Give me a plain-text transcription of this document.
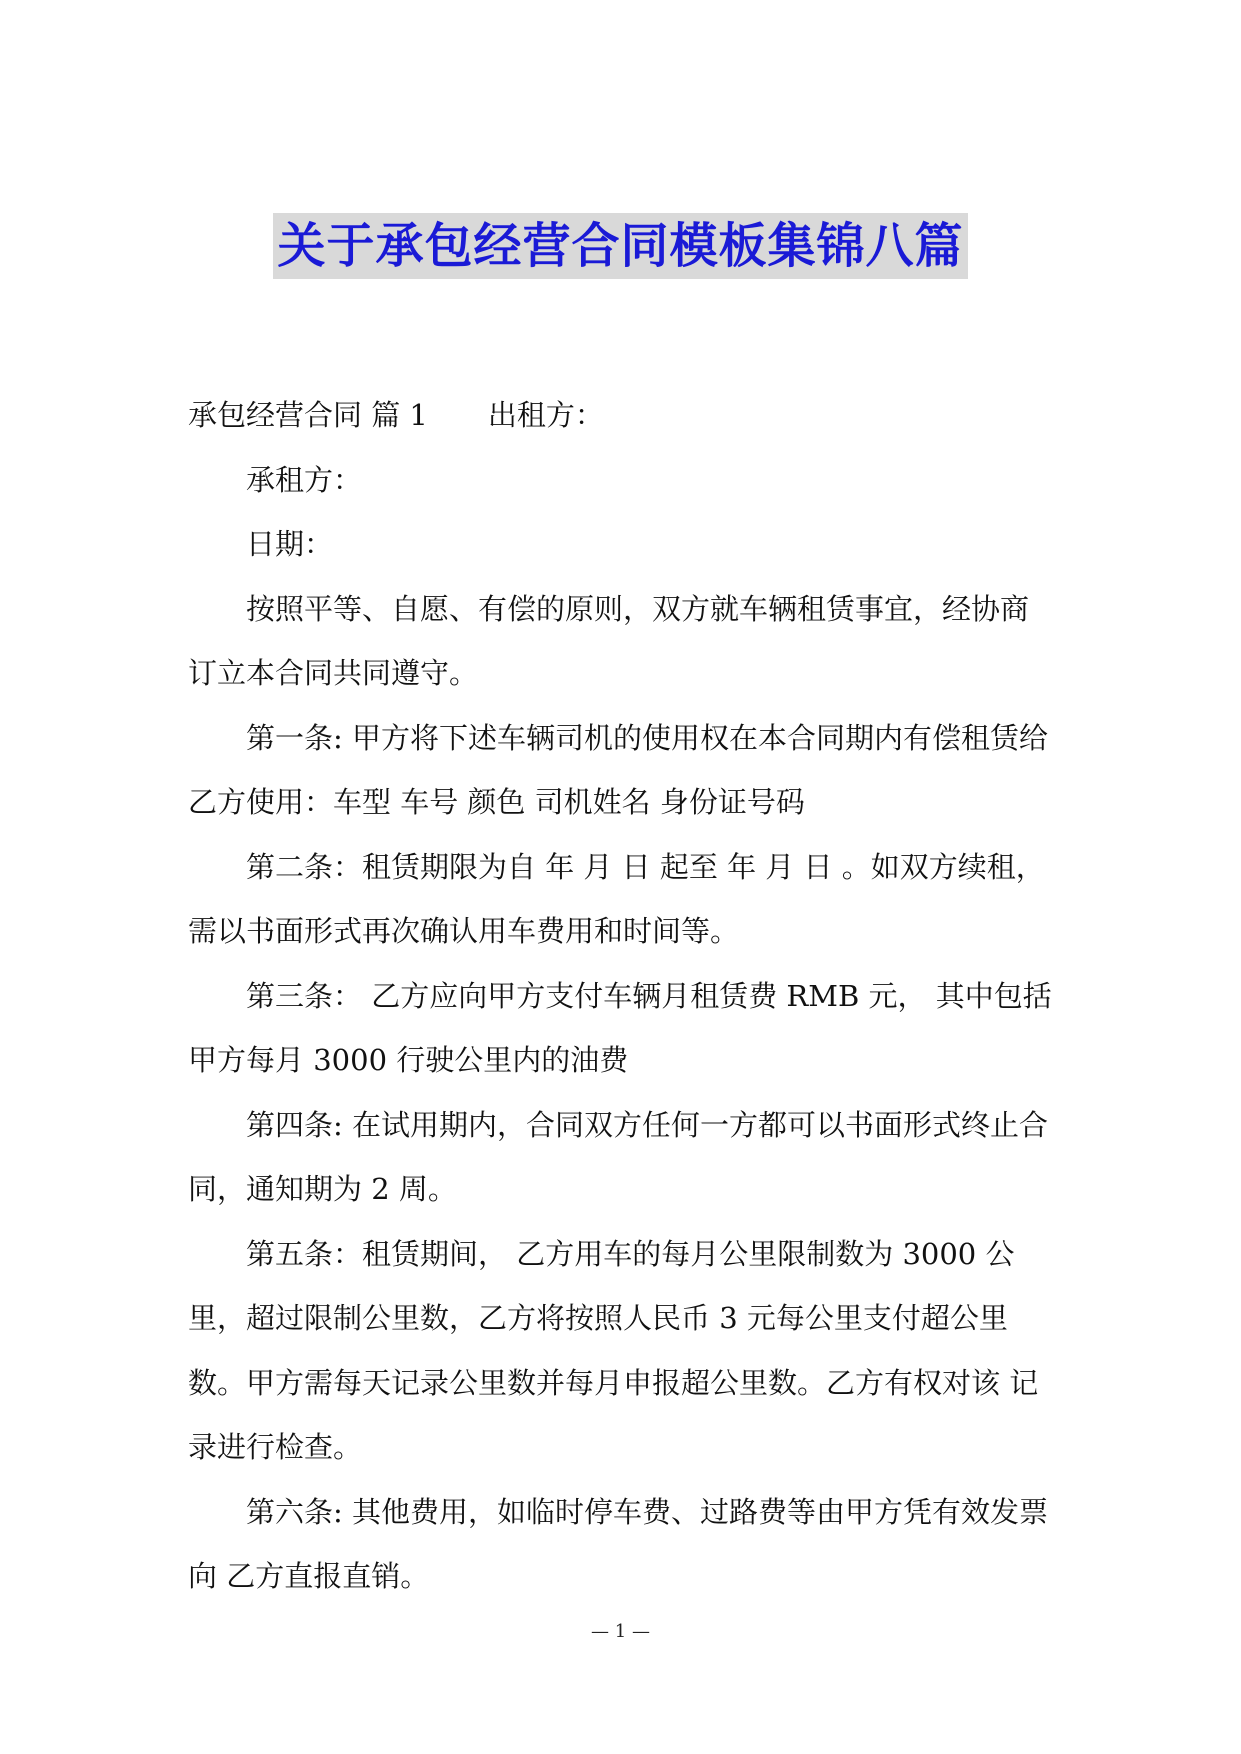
关于承包经营合同模板集锦八篇

承包经营合同 篇 1 出租方：

承租方：

日期：

按照平等、自愿、有偿的原则，双方就车辆租赁事宜，经协商订立本合同共同遵守。

第一条: 甲方将下述车辆司机的使用权在本合同期内有偿租赁给乙方使用：车型 车号 颜色 司机姓名 身份证号码

第二条：租赁期限为自 年 月 日 起至 年 月 日 。如双方续租，需以书面形式再次确认用车费用和时间等。

第三条： 乙方应向甲方支付车辆月租赁费 RMB 元， 其中包括甲方每月 3000 行驶公里内的油费

第四条: 在试用期内，合同双方任何一方都可以书面形式终止合同，通知期为 2 周。

第五条：租赁期间， 乙方用车的每月公里限制数为 3000 公里，超过限制公里数，乙方将按照人民币 3 元每公里支付超公里数。甲方需每天记录公里数并每月申报超公里数。乙方有权对该 记录进行检查。

第六条: 其他费用，如临时停车费、过路费等由甲方凭有效发票向 乙方直报直销。

— 1 —
